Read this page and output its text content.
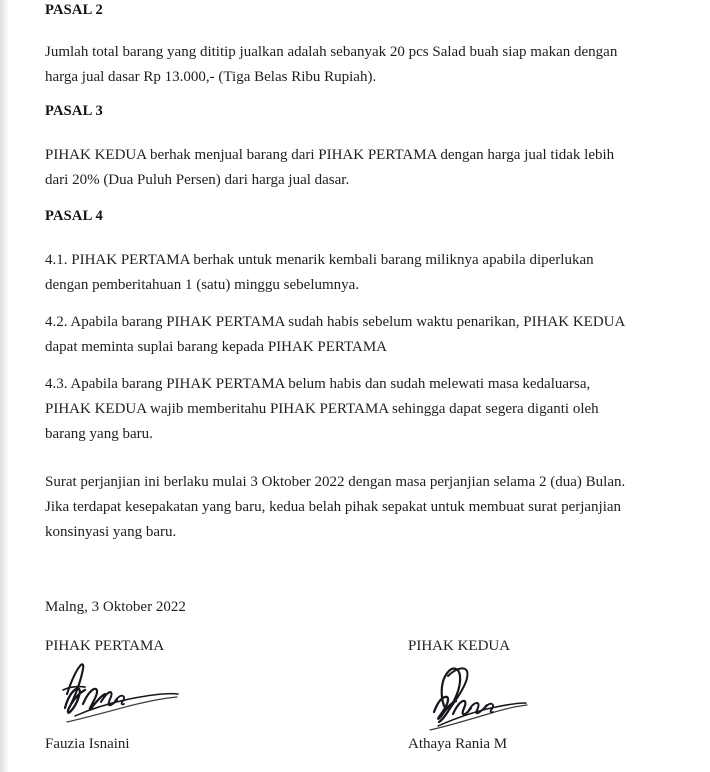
PASAL 2
Jumlah total barang yang dititip jualkan adalah sebanyak 20 pcs Salad buah siap makan dengan harga jual dasar Rp 13.000,- (Tiga Belas Ribu Rupiah).
PASAL 3
PIHAK KEDUA berhak menjual barang dari PIHAK PERTAMA dengan harga jual tidak lebih dari 20% (Dua Puluh Persen) dari harga jual dasar.
PASAL 4
4.1. PIHAK PERTAMA berhak untuk menarik kembali barang miliknya apabila diperlukan dengan pemberitahuan 1 (satu) minggu sebelumnya.
4.2. Apabila barang PIHAK PERTAMA sudah habis sebelum waktu penarikan, PIHAK KEDUA dapat meminta suplai barang kepada PIHAK PERTAMA
4.3. Apabila barang PIHAK PERTAMA belum habis dan sudah melewati masa kedaluarsa, PIHAK KEDUA wajib memberitahu PIHAK PERTAMA sehingga dapat segera diganti oleh barang yang baru.
Surat perjanjian ini berlaku mulai 3 Oktober 2022 dengan masa perjanjian selama 2 (dua) Bulan. Jika terdapat kesepakatan yang baru, kedua belah pihak sepakat untuk membuat surat perjanjian konsinyasi yang baru.
Malng, 3 Oktober 2022
PIHAK PERTAMA
Fauzia Isnaini
PIHAK KEDUA
Athaya Rania M
